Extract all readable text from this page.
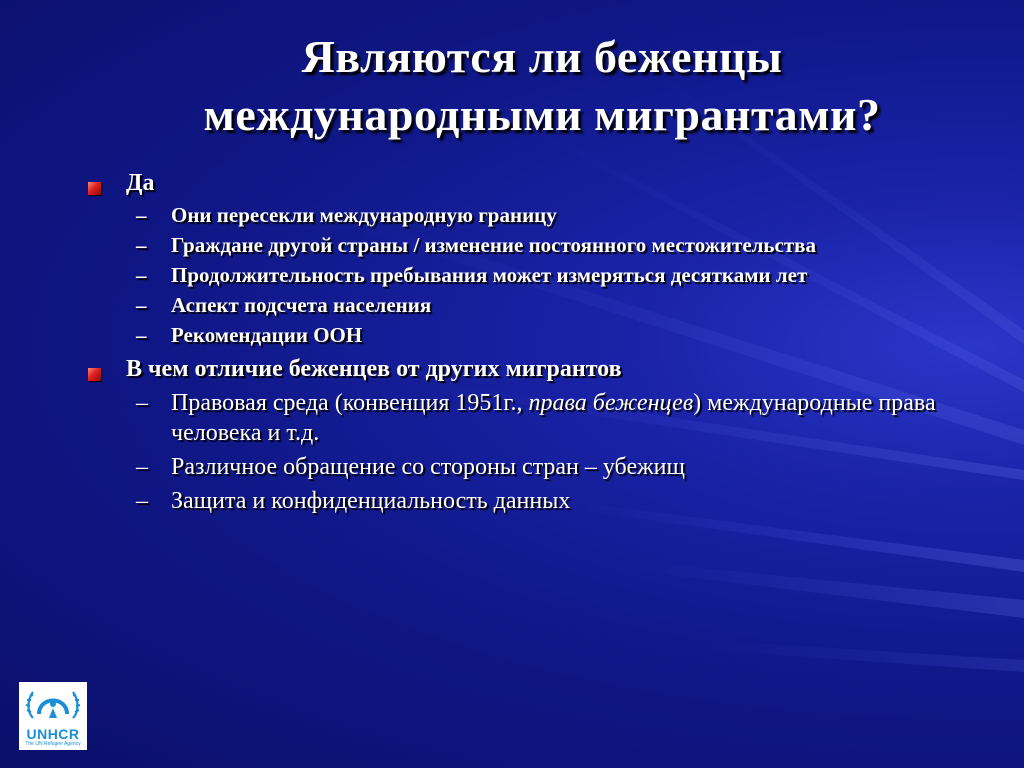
Являются ли беженцы
международными мигрантами?
Да
– Они пересекли международную границу
– Граждане другой страны / изменение постоянного местожительства
– Продолжительность пребывания может измеряться десятками лет
– Аспект подсчета населения
– Рекомендации ООН
В чем отличие беженцев от других мигрантов
– Правовая среда (конвенция 1951г., права беженцев) международные права человека и т.д.
– Различное обращение со стороны стран – убежищ
– Защита и конфиденциальность данных
UNHCR
The UN Refugee Agency
